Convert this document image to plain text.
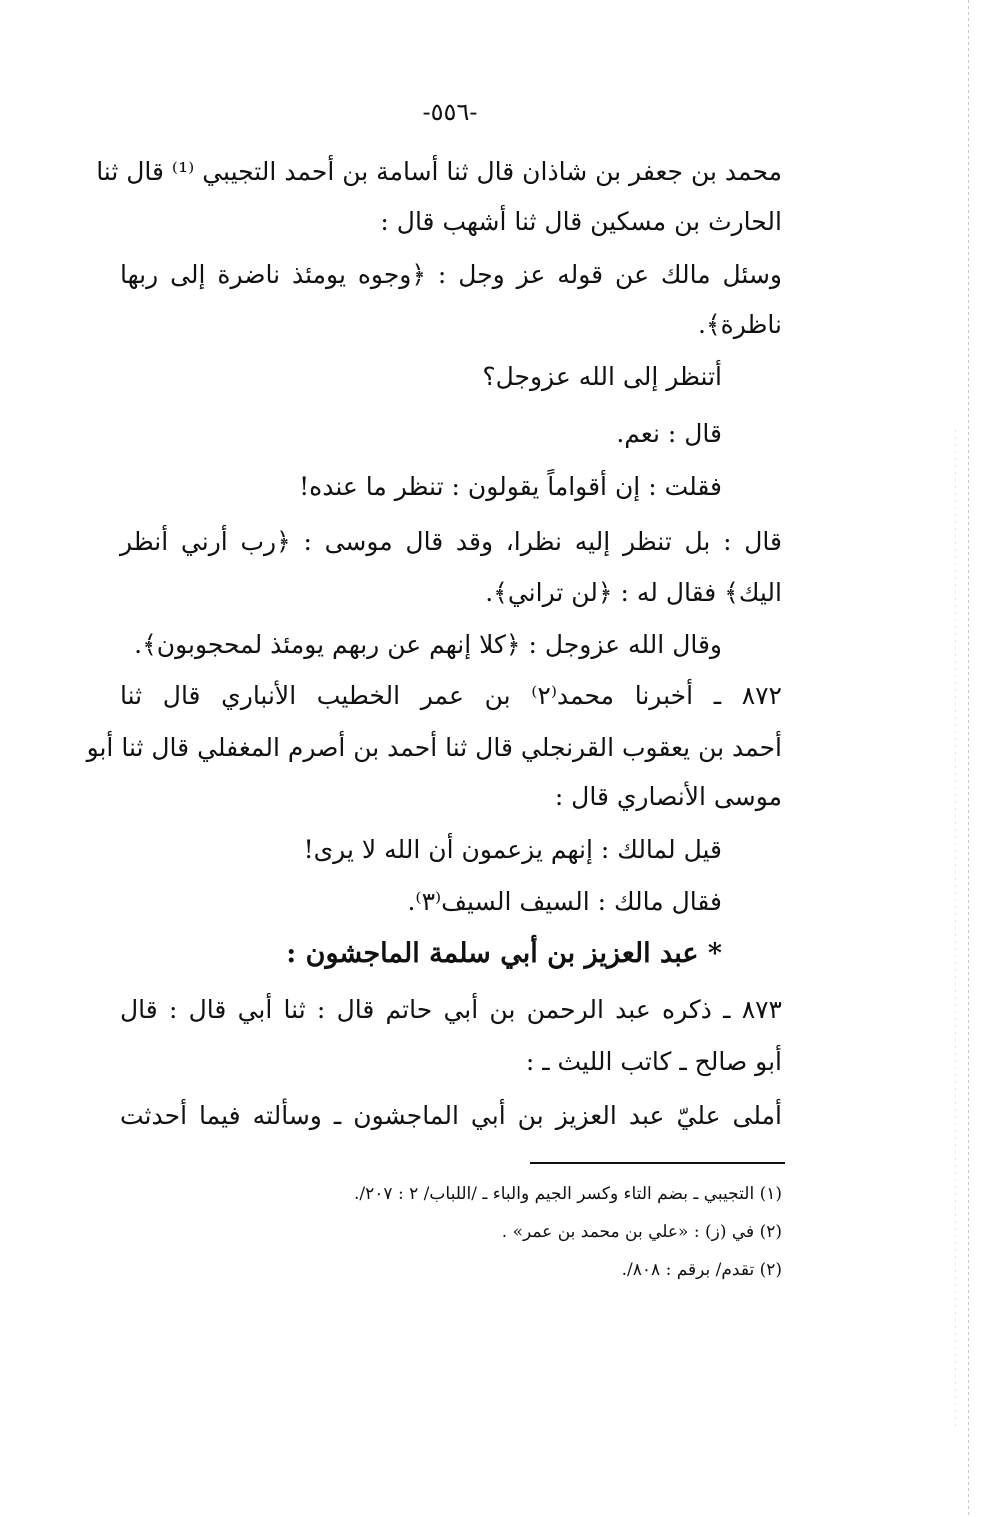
-٥٥٦-
محمد بن جعفر بن شاذان قال ثنا أسامة بن أحمد التجيبي ⁽¹⁾ قال ثنا
الحارث بن مسكين قال ثنا أشهب قال :
وسئل مالك عن قوله عز وجل : ﴿وجوه يومئذ ناضرة إلى ربها
ناظرة﴾.
أتنظر إلى الله عزوجل؟
قال : نعم.
فقلت : إن أقواماً يقولون : تنظر ما عنده!
قال : بل تنظر إليه نظرا، وقد قال موسى : ﴿رب أرني أنظر
اليك﴾ فقال له : ﴿لن تراني﴾.
وقال الله عزوجل : ﴿كلا إنهم عن ربهم يومئذ لمحجوبون﴾.
٨٧٢ ـ أخبرنا محمد⁽٢⁾ بن عمر الخطيب الأنباري قال ثنا
أحمد بن يعقوب القرنجلي قال ثنا أحمد بن أصرم المغفلي قال ثنا أبو
موسى الأنصاري قال :
قيل لمالك : إنهم يزعمون أن الله لا يرى!
فقال مالك : السيف السيف⁽٣⁾.
* عبد العزيز بن أبي سلمة الماجشون :
٨٧٣ ـ ذكره عبد الرحمن بن أبي حاتم قال : ثنا أبي قال : قال
أبو صالح ـ كاتب الليث ـ :
أملى عليّ عبد العزيز بن أبي الماجشون ـ وسألته فيما أحدثت
(١) التجيبي ـ بضم التاء وكسر الجيم والباء ـ /اللباب/ ٢ : ٢٠٧/.
(٢) في (ز) : «علي بن محمد بن عمر» .
(٢) تقدم/ برقم : ٨٠٨/.
